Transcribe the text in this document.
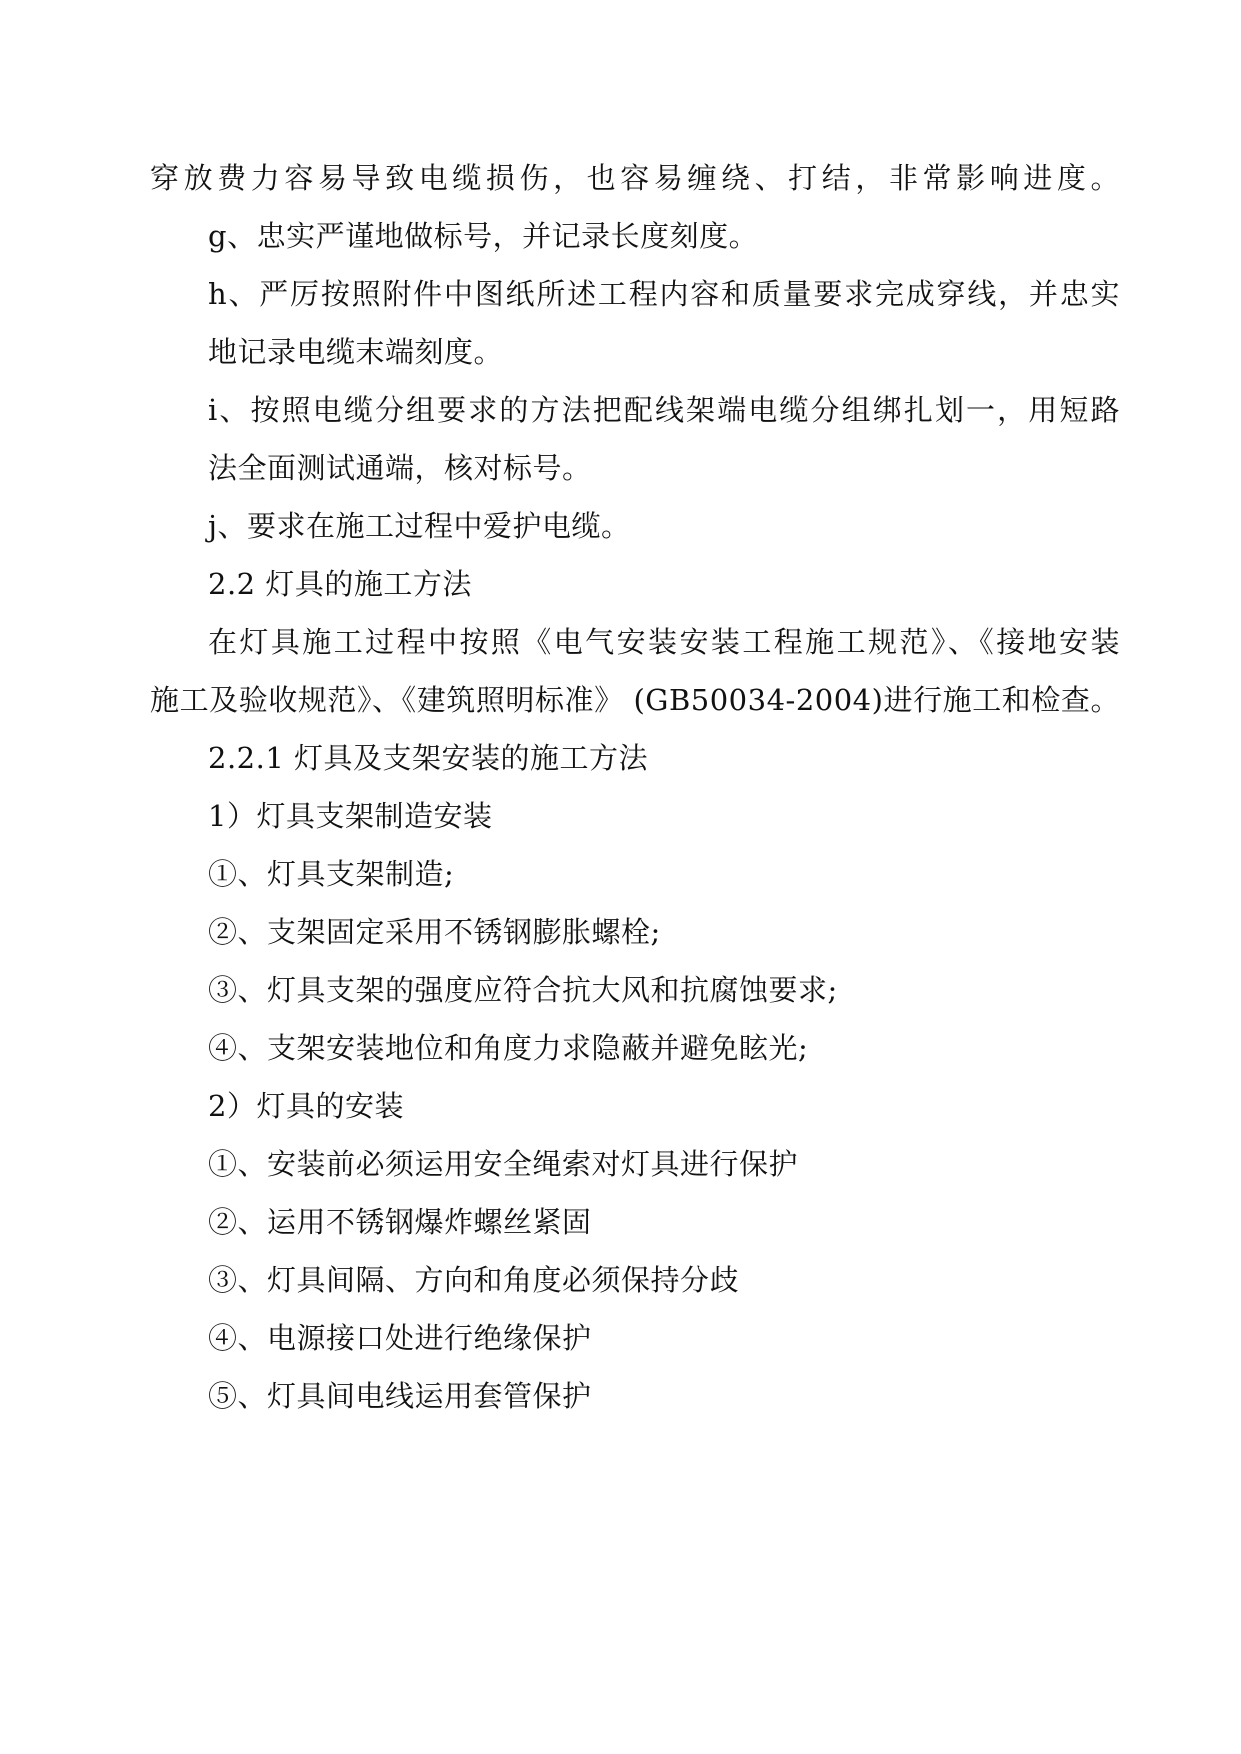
穿放费力容易导致电缆损伤，也容易缠绕、打结，非常影响进度。
g、忠实严谨地做标号，并记录长度刻度。
h、严厉按照附件中图纸所述工程内容和质量要求完成穿线，并忠实
地记录电缆末端刻度。
i、按照电缆分组要求的方法把配线架端电缆分组绑扎划一，用短路
法全面测试通端，核对标号。
j、要求在施工过程中爱护电缆。
2.2 灯具的施工方法
在灯具施工过程中按照《电气安装安装工程施工规范》、《接地安装
施工及验收规范》、《建筑照明标准》 (GB50034-2004)进行施工和检查。
2.2.1 灯具及支架安装的施工方法
1）灯具支架制造安装
①、灯具支架制造;
②、支架固定采用不锈钢膨胀螺栓;
③、灯具支架的强度应符合抗大风和抗腐蚀要求;
④、支架安装地位和角度力求隐蔽并避免眩光;
2）灯具的安装
①、安装前必须运用安全绳索对灯具进行保护
②、运用不锈钢爆炸螺丝紧固
③、灯具间隔、方向和角度必须保持分歧
④、电源接口处进行绝缘保护
⑤、灯具间电线运用套管保护
